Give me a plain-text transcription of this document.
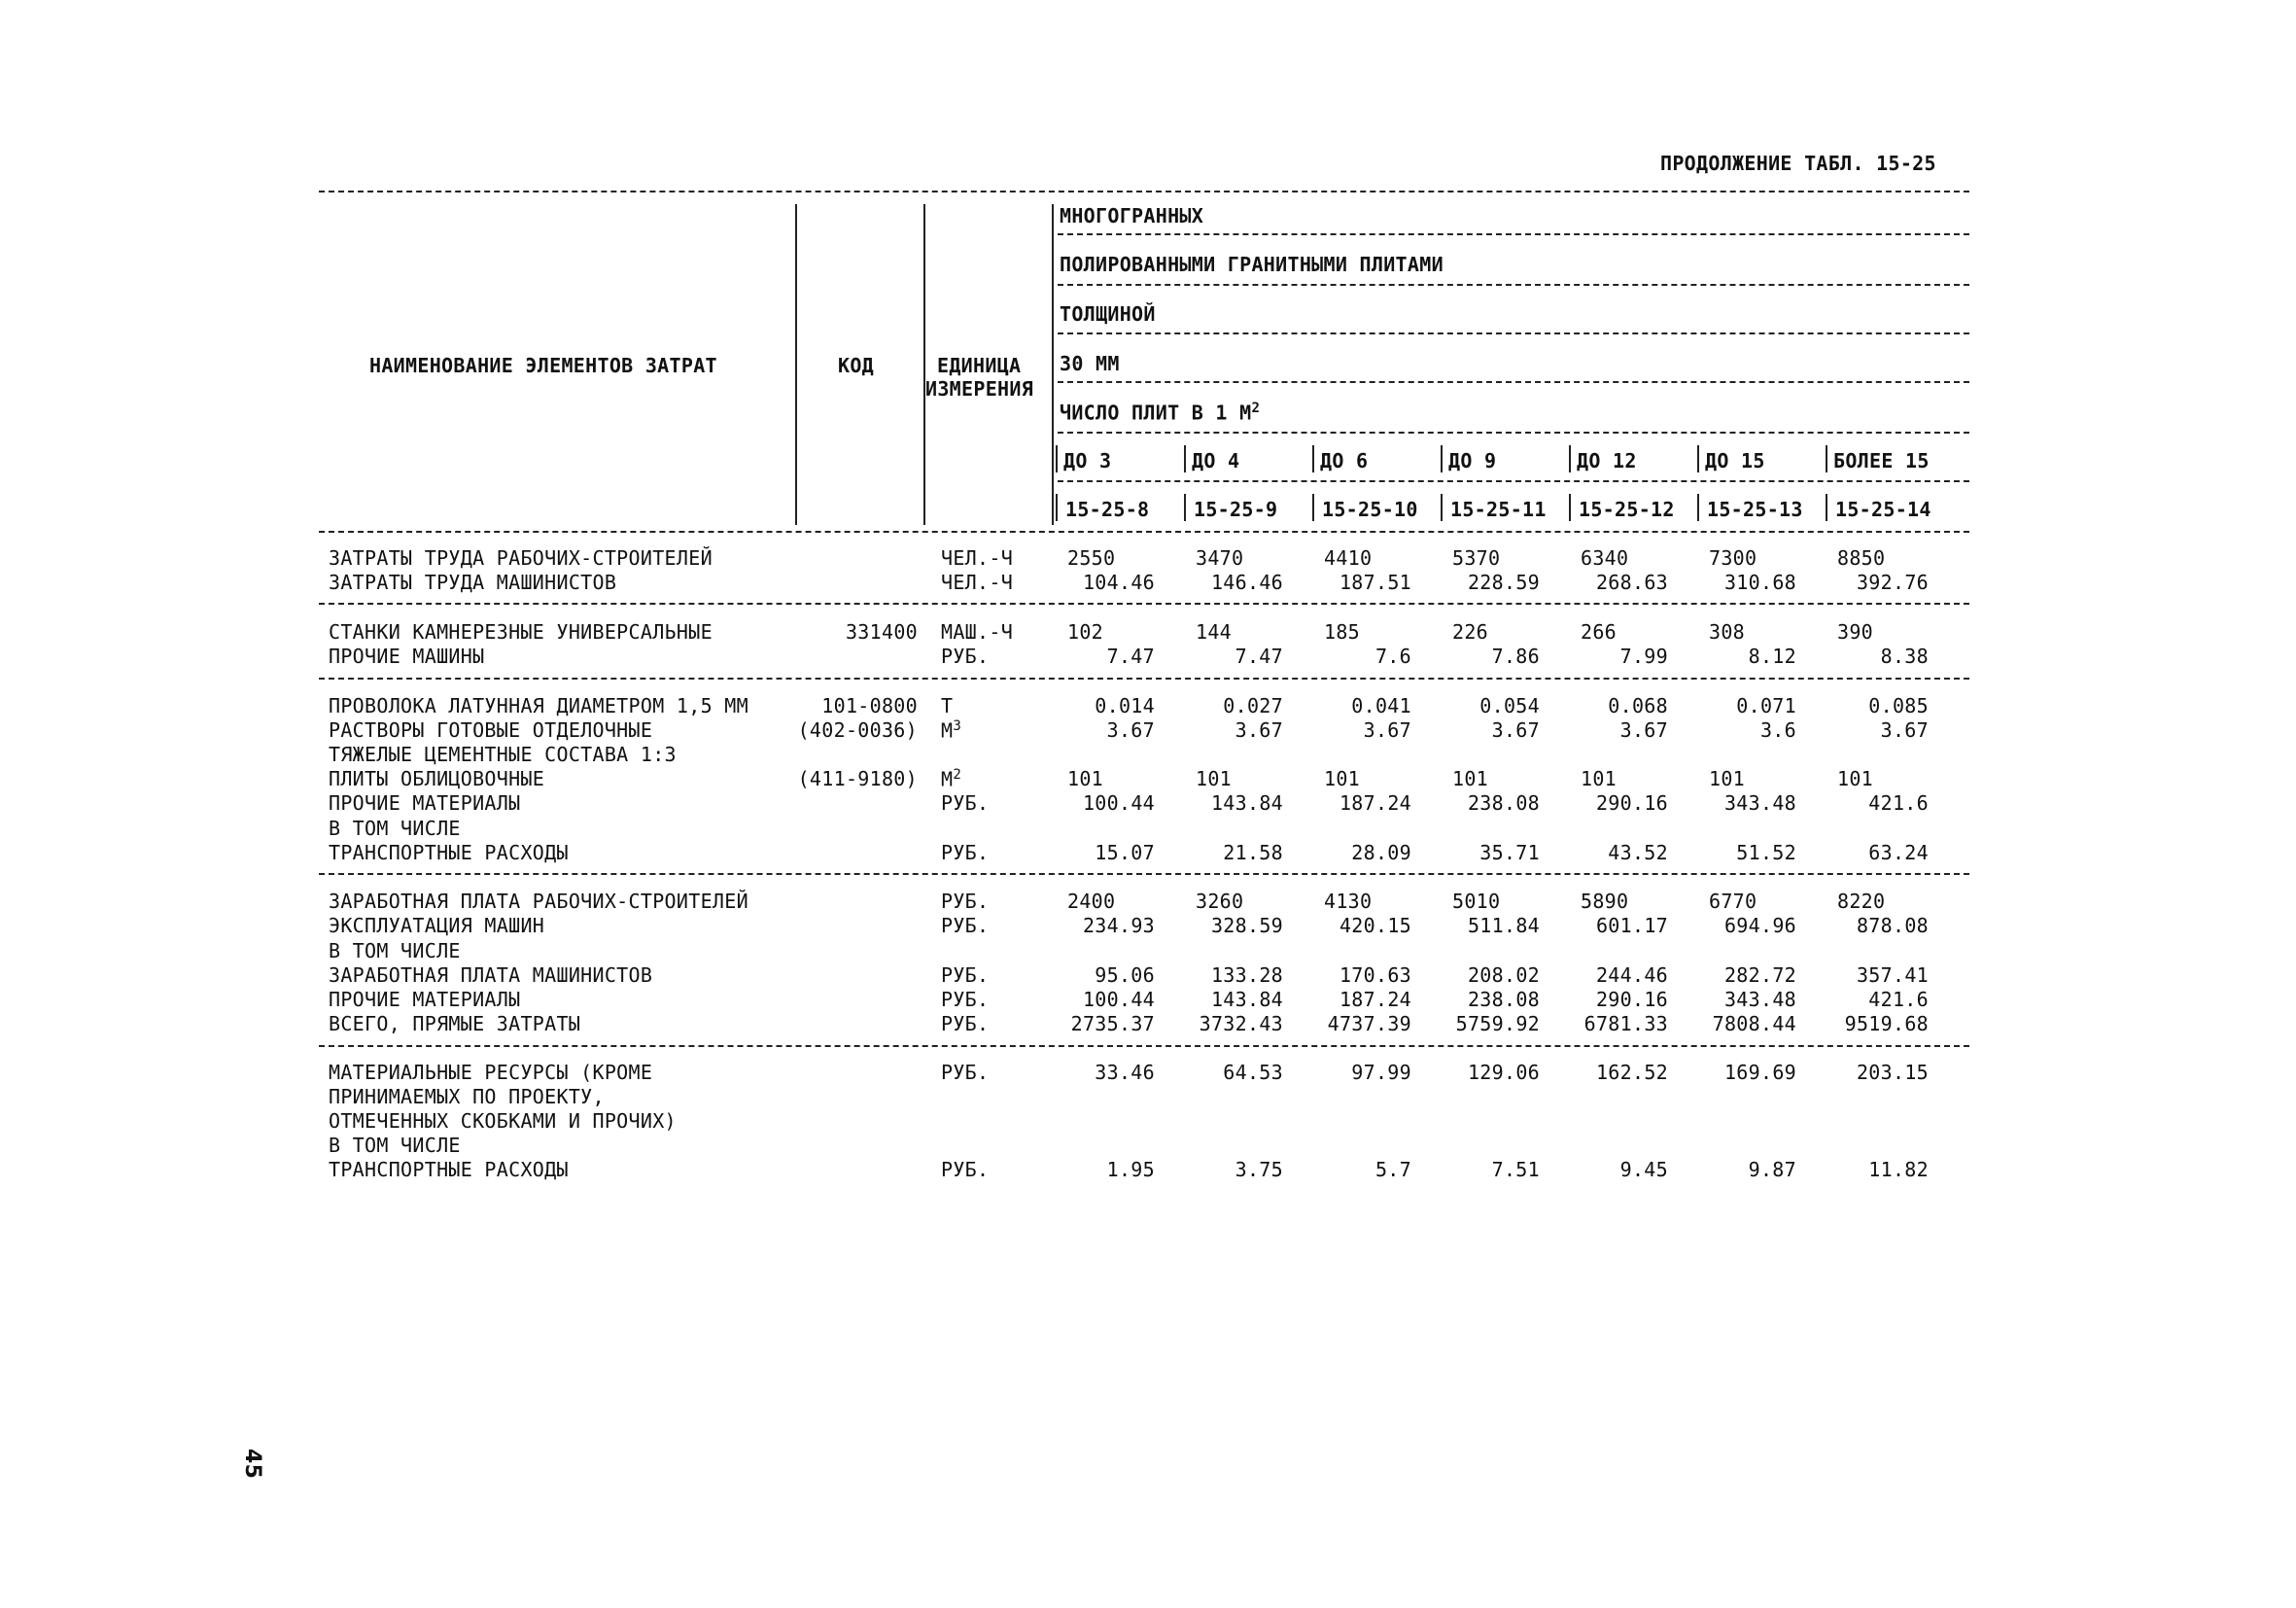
ПРОДОЛЖЕНИЕ ТАБЛ. 15-25
НАИМЕНОВАНИЕ ЭЛЕМЕНТОВ ЗАТРАТ	КОД	ЕДИНИЦА
ИЗМЕРЕНИЯ
МНОГОГРАННЫХ
ПОЛИРОВАННЫМИ ГРАНИТНЫМИ ПЛИТАМИ
ТОЛЩИНОЙ
30 ММ
ЧИСЛО ПЛИТ В 1 $М^2$
ДО 3	ДО 4	ДО 6	ДО 9	ДО 12	ДО 15	БОЛЕЕ 15
15-25-8 15-25-9 15-25-10 15-25-11 15-25-12 15-25-13 15-25-14
ЗАТРАТЫ ТРУДА РАБОЧИХ-СТРОИТЕЛЕЙ	ЧЕЛ.-Ч	2550	3470	4410	5370	6340	7300	8850
ЗАТРАТЫ ТРУДА МАШИНИСТОВ	ЧЕЛ.-Ч	104.46	146.46	187.51	228.59	268.63	310.68	392.76
СТАНКИ КАМНЕРЕЗНЫЕ УНИВЕРСАЛЬНЫЕ	331400 МАШ.-Ч	102	144	185	226	266	308	390
ПРОЧИЕ МАШИНЫ	РУБ.	7.47	7.47	7.6	7.86	7.99	8.12	8.38
ПРОВОЛОКА ЛАТУННАЯ ДИАМЕТРОМ 1,5 ММ	101-0800 Т	0.014	0.027	0.041	0.054	0.068	0.071	0.085
РАСТВОРЫ ГОТОВЫЕ ОТДЕЛОЧНЫЕ	(402-0036) $М^3$	3.67	3.67	3.67	3.67	3.67	3.6	3.67
ТЯЖЕЛЫЕ ЦЕМЕНТНЫЕ СОСТАВА 1:3
ПЛИТЫ ОБЛИЦОВОЧНЫЕ	(411-9180) $М^2$	101	101	101	101	101	101	101
ПРОЧИЕ МАТЕРИАЛЫ	РУБ.	100.44	143.84	187.24	238.08	290.16	343.48	421.6
В ТОМ ЧИСЛЕ
ТРАНСПОРТНЫЕ РАСХОДЫ	РУБ.	15.07	21.58	28.09	35.71	43.52	51.52	63.24
ЗАРАБОТНАЯ ПЛАТА РАБОЧИХ-СТРОИТЕЛЕЙ	РУБ.	2400	3260	4130	5010	5890	6770	8220
ЭКСПЛУАТАЦИЯ МАШИН	РУБ.	234.93	328.59	420.15	511.84	601.17	694.96	878.08
В ТОМ ЧИСЛЕ
ЗАРАБОТНАЯ ПЛАТА МАШИНИСТОВ	РУБ.	95.06	133.28	170.63	208.02	244.46	282.72	357.41
ПРОЧИЕ МАТЕРИАЛЫ	РУБ.	100.44	143.84	187.24	238.08	290.16	343.48	421.6
ВСЕГО, ПРЯМЫЕ ЗАТРАТЫ	РУБ.	2735.37	3732.43	4737.39	5759.92	6781.33	7808.44	9519.68
МАТЕРИАЛЬНЫЕ РЕСУРСЫ (КРОМЕ	РУБ.	33.46	64.53	97.99	129.06	162.52	169.69	203.15
ПРИНИМАЕМЫХ ПО ПРОЕКТУ,
ОТМЕЧЕННЫХ СКОБКАМИ И ПРОЧИХ)
В ТОМ ЧИСЛЕ
ТРАНСПОРТНЫЕ РАСХОДЫ	РУБ.	1.95	3.75	5.7	7.51	9.45	9.87	11.82
45
